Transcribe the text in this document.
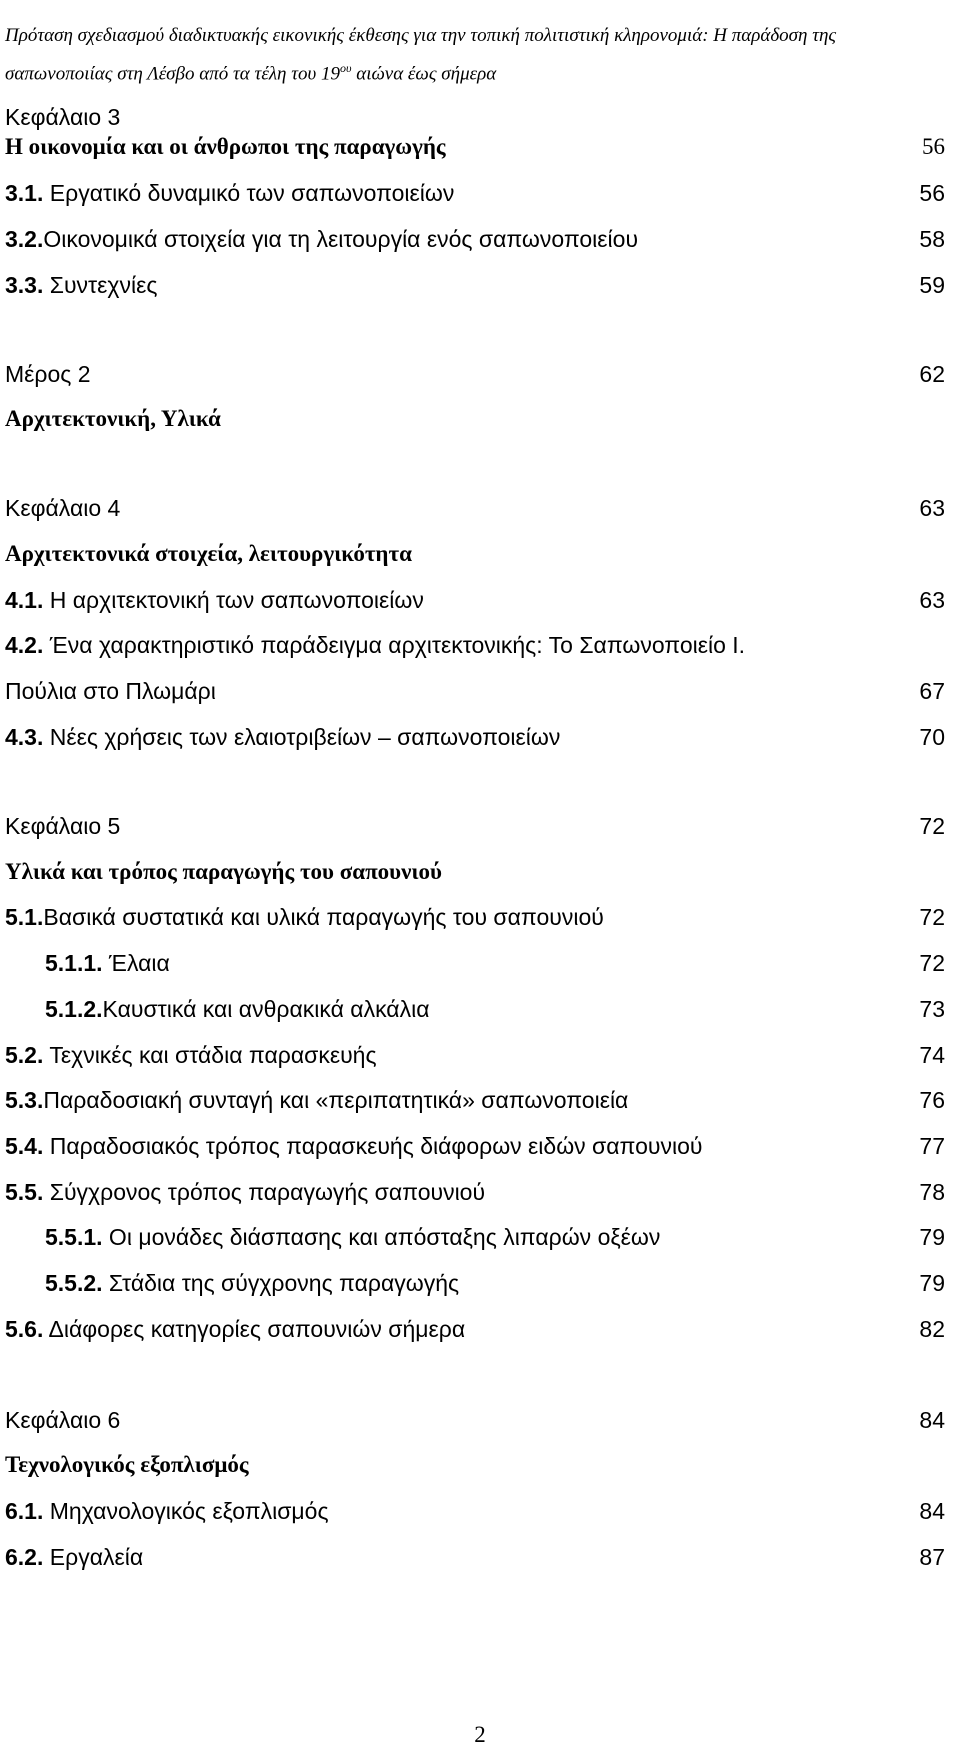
Πρόταση σχεδιασμού διαδικτυακής εικονικής έκθεσης για την τοπική πολιτιστική κληρονομιά: Η παράδοση της
σαπωνοποιίας στη Λέσβο από τα τέλη του $19^{o\upsilon}$ αιώνα έως σήμερα
Κεφάλαιο 3
Η οικονομία και οι άνθρωποι της παραγωγής	56
3.1. Εργατικό δυναμικό των σαπωνοποιείων	56
3.2.Οικονομικά στοιχεία για τη λειτουργία ενός σαπωνοποιείου	58
3.3. Συντεχνίες	59
Μέρος 2	62
Αρχιτεκτονική, Υλικά
Κεφάλαιο 4	63
Αρχιτεκτονικά στοιχεία, λειτουργικότητα
4.1. Η αρχιτεκτονική των σαπωνοποιείων	63
4.2. Ένα χαρακτηριστικό παράδειγμα αρχιτεκτονικής: Το Σαπωνοποιείο Ι.
Πούλια στο Πλωμάρι	67
4.3. Νέες χρήσεις των ελαιοτριβείων – σαπωνοποιείων	70
Κεφάλαιο 5	72
Υλικά και τρόπος παραγωγής του σαπουνιού
5.1.Βασικά συστατικά και υλικά παραγωγής του σαπουνιού	72
5.1.1. Έλαια	72
5.1.2.Καυστικά και ανθρακικά αλκάλια	73
5.2. Τεχνικές και στάδια παρασκευής	74
5.3.Παραδοσιακή συνταγή και «περιπατητικά» σαπωνοποιεία	76
5.4. Παραδοσιακός τρόπος παρασκευής διάφορων ειδών σαπουνιού	77
5.5. Σύγχρονος τρόπος παραγωγής σαπουνιού	78
5.5.1. Οι μονάδες διάσπασης και απόσταξης λιπαρών οξέων	79
5.5.2. Στάδια της σύγχρονης παραγωγής	79
5.6. Διάφορες κατηγορίες σαπουνιών σήμερα	82
Κεφάλαιο 6	84
Τεχνολογικός εξοπλισμός
6.1. Μηχανολογικός εξοπλισμός	84
6.2. Εργαλεία	87
2
